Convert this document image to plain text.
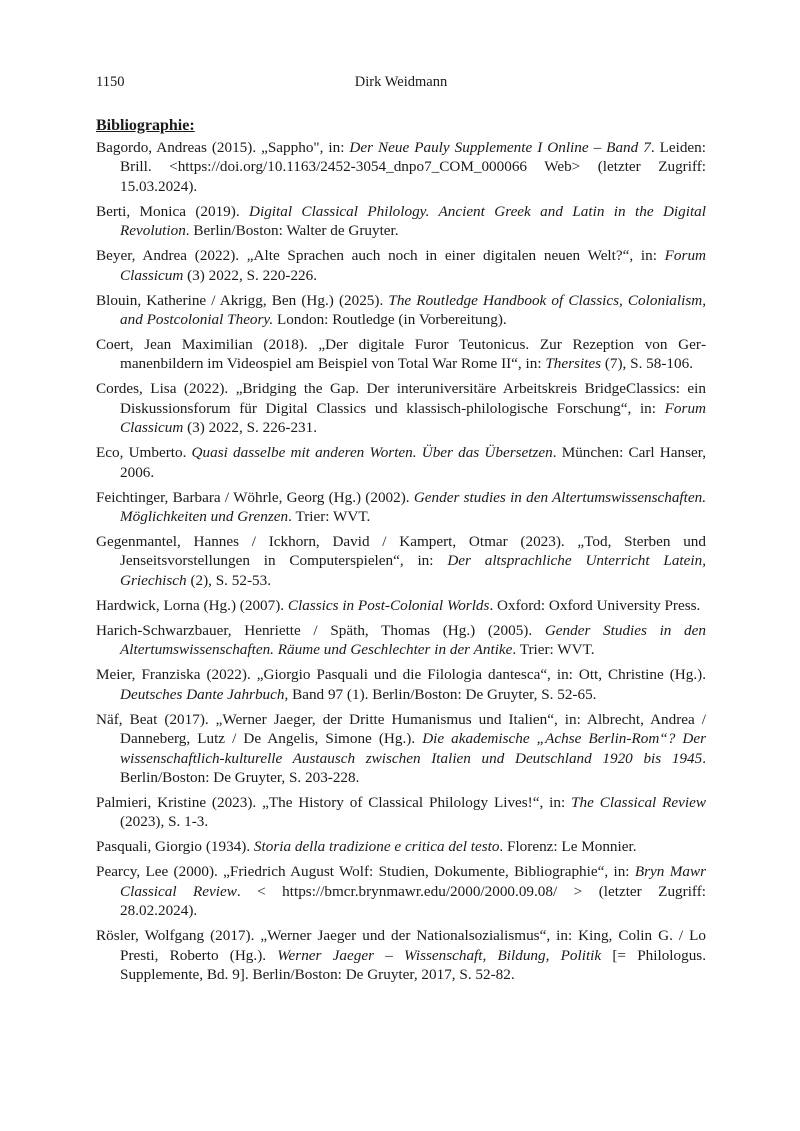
1150	Dirk Weidmann
Bibliographie:
Bagordo, Andreas (2015). „Sappho", in: Der Neue Pauly Supplemente I Online – Band 7. Leiden: Brill. <https://doi.org/10.1163/2452-3054_dnpo7_COM_000066 Web> (letzter Zugriff: 15.03.2024).
Berti, Monica (2019). Digital Classical Philology. Ancient Greek and Latin in the Digital Revolution. Berlin/Boston: Walter de Gruyter.
Beyer, Andrea (2022). „Alte Sprachen auch noch in einer digitalen neuen Welt?“, in: Forum Classicum (3) 2022, S. 220-226.
Blouin, Katherine / Akrigg, Ben (Hg.) (2025). The Routledge Handbook of Classics, Colonialism, and Postcolonial Theory. London: Routledge (in Vorbereitung).
Coert, Jean Maximilian (2018). „Der digitale Furor Teutonicus. Zur Rezeption von Germanenbildern im Videospiel am Beispiel von Total War Rome II“, in: Thersites (7), S. 58-106.
Cordes, Lisa (2022). „Bridging the Gap. Der interuniversitäre Arbeitskreis BridgeClassics: ein Diskussionsforum für Digital Classics und klassisch-philologische Forschung“, in: Forum Classicum (3) 2022, S. 226-231.
Eco, Umberto. Quasi dasselbe mit anderen Worten. Über das Übersetzen. München: Carl Hanser, 2006.
Feichtinger, Barbara / Wöhrle, Georg (Hg.) (2002). Gender studies in den Altertumswissenschaften. Möglichkeiten und Grenzen. Trier: WVT.
Gegenmantel, Hannes / Ickhorn, David / Kampert, Otmar (2023). „Tod, Sterben und Jenseitsvorstellungen in Computerspielen“, in: Der altsprachliche Unterricht Latein, Griechisch (2), S. 52-53.
Hardwick, Lorna (Hg.) (2007). Classics in Post-Colonial Worlds. Oxford: Oxford University Press.
Harich-Schwarzbauer, Henriette / Späth, Thomas (Hg.) (2005). Gender Studies in den Altertumswissenschaften. Räume und Geschlechter in der Antike. Trier: WVT.
Meier, Franziska (2022). „Giorgio Pasquali und die Filologia dantesca“, in: Ott, Christine (Hg.). Deutsches Dante Jahrbuch, Band 97 (1). Berlin/Boston: De Gruyter, S. 52-65.
Näf, Beat (2017). „Werner Jaeger, der Dritte Humanismus und Italien“, in: Albrecht, Andrea / Danneberg, Lutz / De Angelis, Simone (Hg.). Die akademische „Achse Berlin-Rom“? Der wissenschaftlich-kulturelle Austausch zwischen Italien und Deutschland 1920 bis 1945. Berlin/Boston: De Gruyter, S. 203-228.
Palmieri, Kristine (2023). „The History of Classical Philology Lives!“, in: The Classical Review (2023), S. 1-3.
Pasquali, Giorgio (1934). Storia della tradizione e critica del testo. Florenz: Le Monnier.
Pearcy, Lee (2000). „Friedrich August Wolf: Studien, Dokumente, Bibliographie“, in: Bryn Mawr Classical Review. < https://bmcr.brynmawr.edu/2000/2000.09.08/ > (letzter Zugriff: 28.02.2024).
Rösler, Wolfgang (2017). „Werner Jaeger und der Nationalsozialismus“, in: King, Colin G. / Lo Presti, Roberto (Hg.). Werner Jaeger – Wissenschaft, Bildung, Politik [= Philologus. Supplemente, Bd. 9]. Berlin/Boston: De Gruyter, 2017, S. 52-82.
